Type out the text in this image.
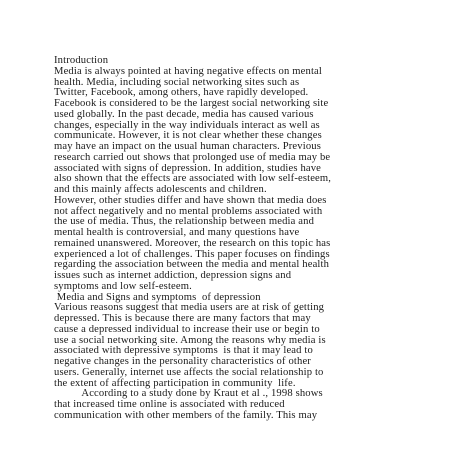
Introduction
Media is always pointed at having negative effects on mental
health. Media, including social networking sites such as
Twitter, Facebook, among others, have rapidly developed.
Facebook is considered to be the largest social networking site
used globally. In the past decade, media has caused various
changes, especially in the way individuals interact as well as
communicate. However, it is not clear whether these changes
may have an impact on the usual human characters. Previous
research carried out shows that prolonged use of media may be
associated with signs of depression. In addition, studies have
also shown that the effects are associated with low self-esteem,
and this mainly affects adolescents and children.
However, other studies differ and have shown that media does
not affect negatively and no mental problems associated with
the use of media. Thus, the relationship between media and
mental health is controversial, and many questions have
remained unanswered. Moreover, the research on this topic has
experienced a lot of challenges. This paper focuses on findings
regarding the association between the media and mental health
issues such as internet addiction, depression signs and
symptoms and low self-esteem.
Media and Signs and symptoms  of depression
Various reasons suggest that media users are at risk of getting
depressed. This is because there are many factors that may
cause a depressed individual to increase their use or begin to
use a social networking site. Among the reasons why media is
associated with depressive symptoms  is that it may lead to
negative changes in the personality characteristics of other
users. Generally, internet use affects the social relationship to
the extent of affecting participation in community  life.
According to a study done by Kraut et al ., 1998 shows
that increased time online is associated with reduced
communication with other members of the family. This may
